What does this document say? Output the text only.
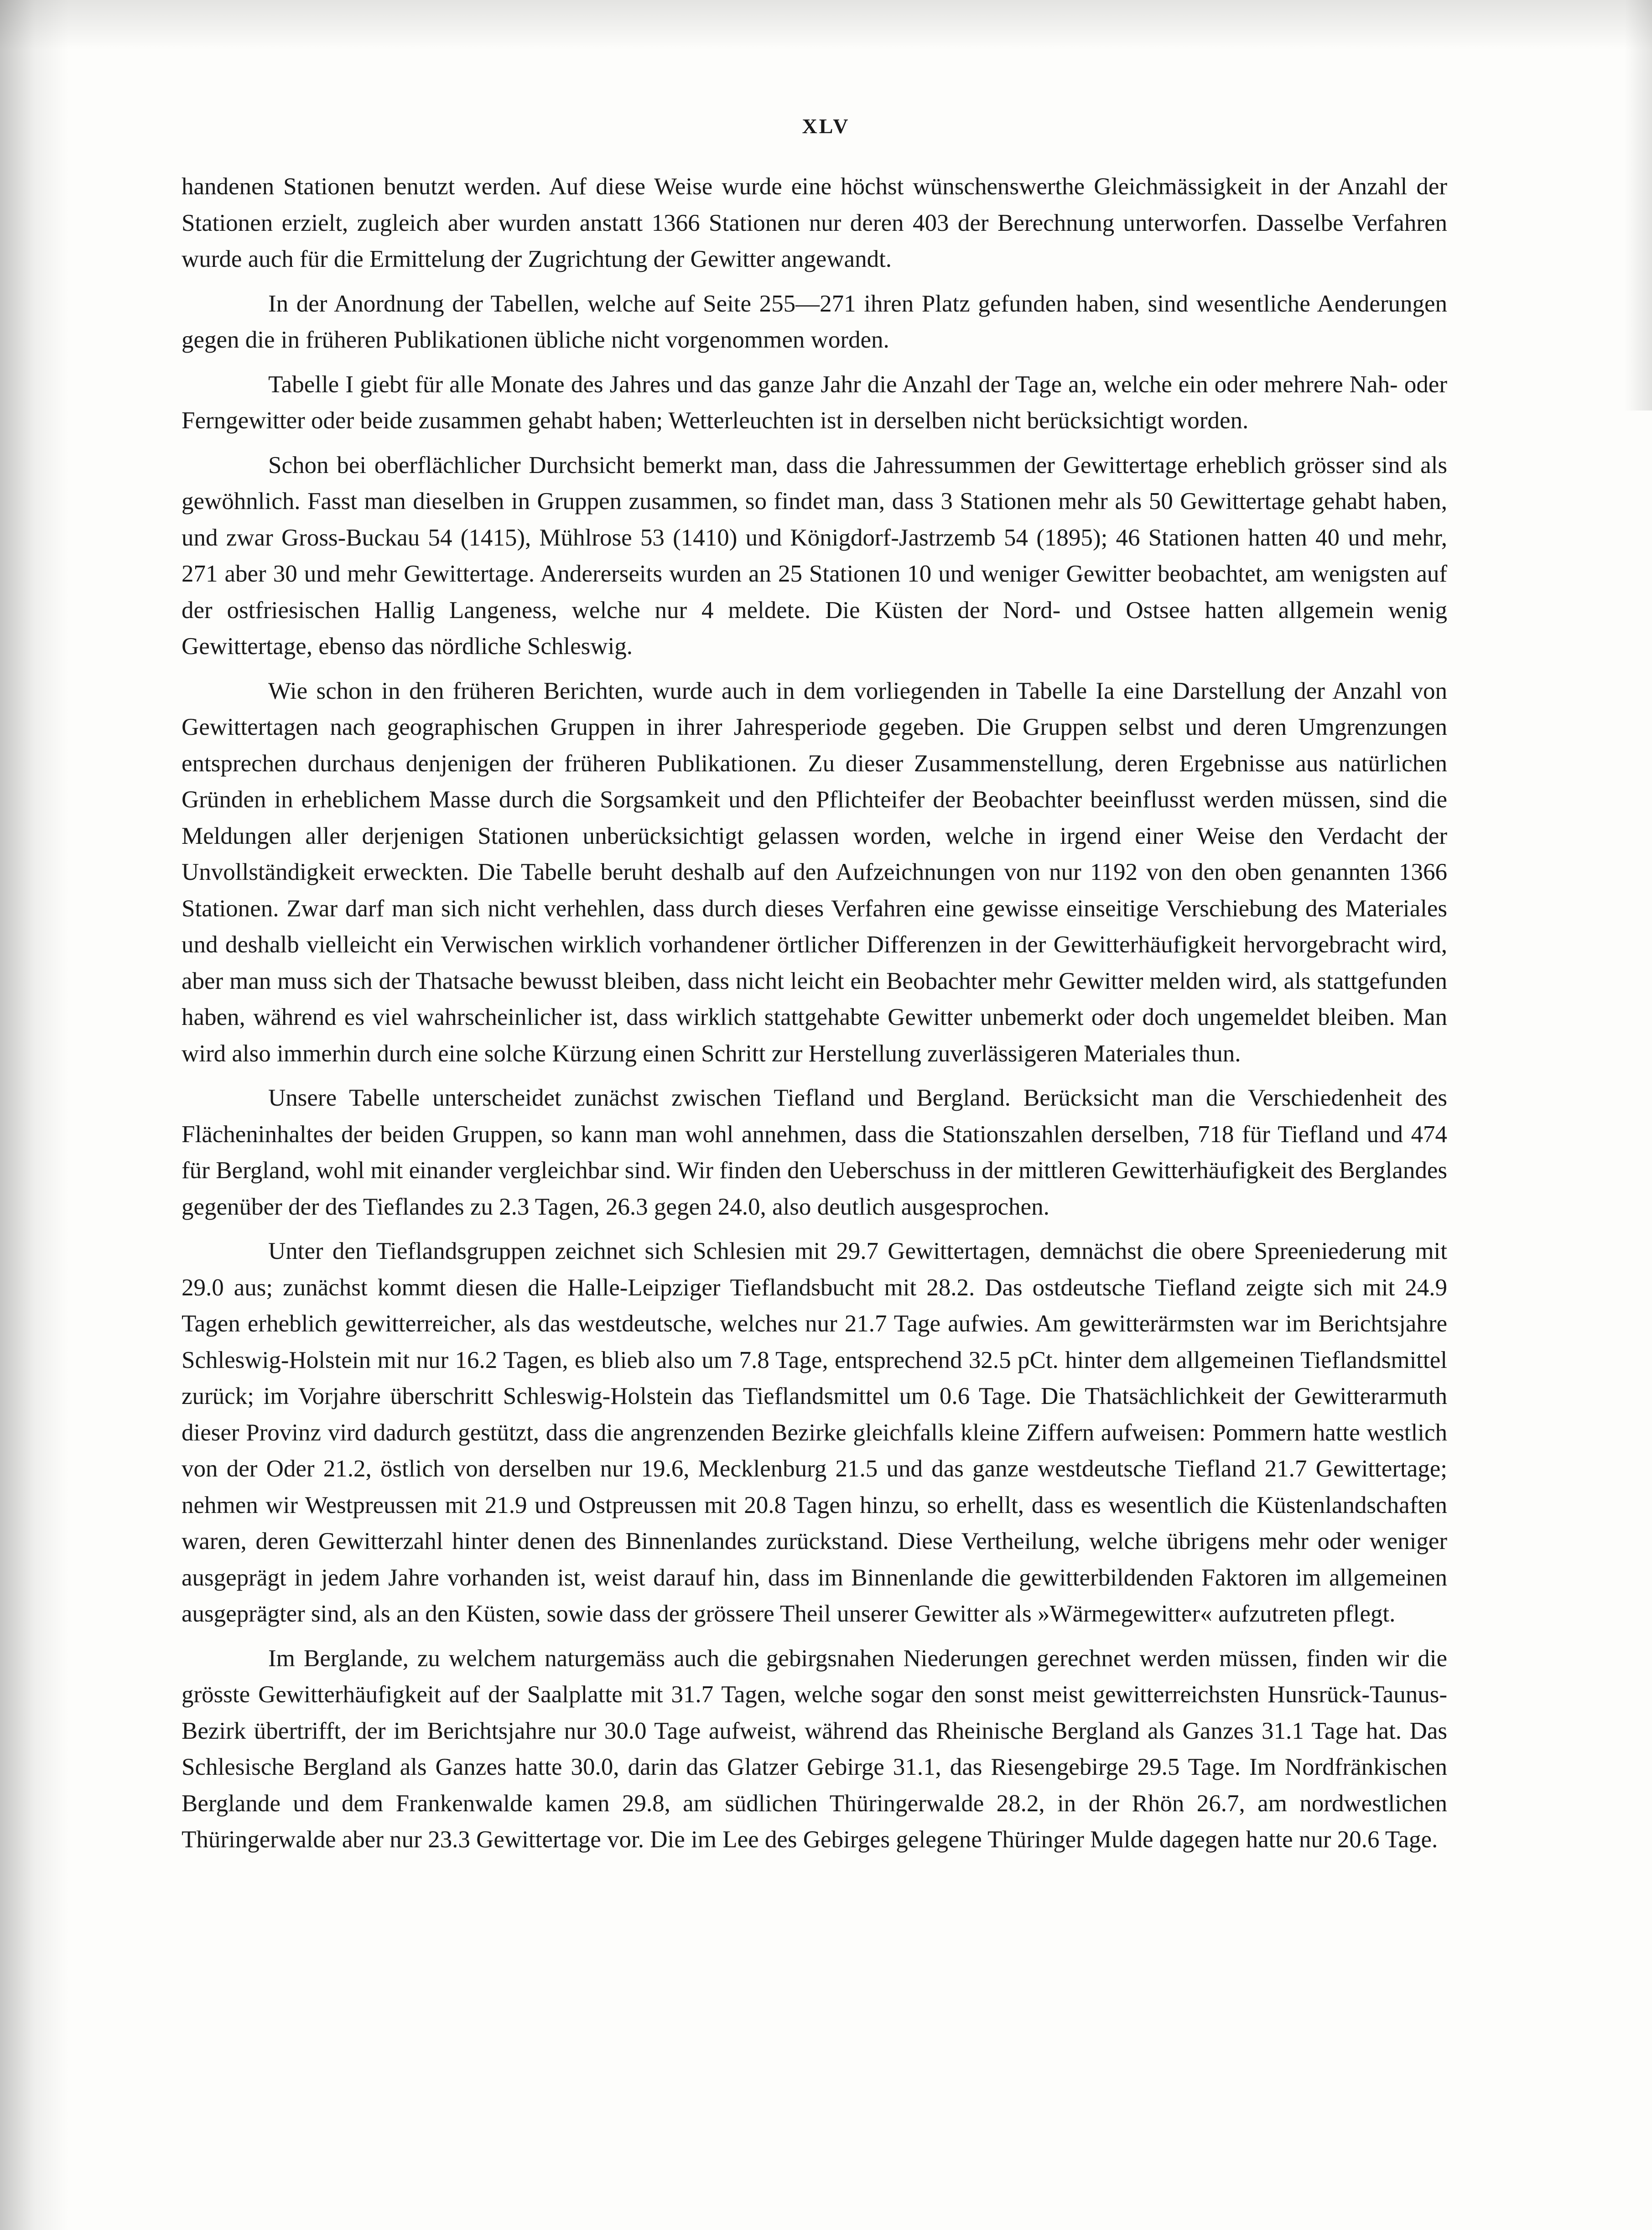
XLV

handenen Stationen benutzt werden. Auf diese Weise wurde eine höchst wünschenswerthe Gleichmässigkeit in der Anzahl der Stationen erzielt, zugleich aber wurden anstatt 1366 Stationen nur deren 403 der Berechnung unterworfen. Dasselbe Verfahren wurde auch für die Ermittelung der Zugrichtung der Gewitter angewandt.

In der Anordnung der Tabellen, welche auf Seite 255—271 ihren Platz gefunden haben, sind wesentliche Aenderungen gegen die in früheren Publikationen übliche nicht vorgenommen worden.

Tabelle I giebt für alle Monate des Jahres und das ganze Jahr die Anzahl der Tage an, welche ein oder mehrere Nah- oder Ferngewitter oder beide zusammen gehabt haben; Wetterleuchten ist in derselben nicht berücksichtigt worden.

Schon bei oberflächlicher Durchsicht bemerkt man, dass die Jahressummen der Gewittertage erheblich grösser sind als gewöhnlich. Fasst man dieselben in Gruppen zusammen, so findet man, dass 3 Stationen mehr als 50 Gewittertage gehabt haben, und zwar Gross-Buckau 54 (1415), Mühlrose 53 (1410) und Königdorf-Jastrzemb 54 (1895); 46 Stationen hatten 40 und mehr, 271 aber 30 und mehr Gewittertage. Andererseits wurden an 25 Stationen 10 und weniger Gewitter beobachtet, am wenigsten auf der ostfriesischen Hallig Langeness, welche nur 4 meldete. Die Küsten der Nord- und Ostsee hatten allgemein wenig Gewittertage, ebenso das nördliche Schleswig.

Wie schon in den früheren Berichten, wurde auch in dem vorliegenden in Tabelle Ia eine Darstellung der Anzahl von Gewittertagen nach geographischen Gruppen in ihrer Jahresperiode gegeben. Die Gruppen selbst und deren Umgrenzungen entsprechen durchaus denjenigen der früheren Publikationen. Zu dieser Zusammenstellung, deren Ergebnisse aus natürlichen Gründen in erheblichem Masse durch die Sorgsamkeit und den Pflichteifer der Beobachter beeinflusst werden müssen, sind die Meldungen aller derjenigen Stationen unberücksichtigt gelassen worden, welche in irgend einer Weise den Verdacht der Unvollständigkeit erweckten. Die Tabelle beruht deshalb auf den Aufzeichnungen von nur 1192 von den oben genannten 1366 Stationen. Zwar darf man sich nicht verhehlen, dass durch dieses Verfahren eine gewisse einseitige Verschiebung des Materiales und deshalb vielleicht ein Verwischen wirklich vorhandener örtlicher Differenzen in der Gewitterhäufigkeit hervorgebracht wird, aber man muss sich der Thatsache bewusst bleiben, dass nicht leicht ein Beobachter mehr Gewitter melden wird, als stattgefunden haben, während es viel wahrscheinlicher ist, dass wirklich stattgehabte Gewitter unbemerkt oder doch ungemeldet bleiben. Man wird also immerhin durch eine solche Kürzung einen Schritt zur Herstellung zuverlässigeren Materiales thun.

Unsere Tabelle unterscheidet zunächst zwischen Tiefland und Bergland. Berücksicht man die Verschiedenheit des Flächeninhaltes der beiden Gruppen, so kann man wohl annehmen, dass die Stationszahlen derselben, 718 für Tiefland und 474 für Bergland, wohl mit einander vergleichbar sind. Wir finden den Ueberschuss in der mittleren Gewitterhäufigkeit des Berglandes gegenüber der des Tieflandes zu 2.3 Tagen, 26.3 gegen 24.0, also deutlich ausgesprochen.

Unter den Tieflandsgruppen zeichnet sich Schlesien mit 29.7 Gewittertagen, demnächst die obere Spreeniederung mit 29.0 aus; zunächst kommt diesen die Halle-Leipziger Tieflandsbucht mit 28.2. Das ostdeutsche Tiefland zeigte sich mit 24.9 Tagen erheblich gewitterreicher, als das westdeutsche, welches nur 21.7 Tage aufwies. Am gewitterärmsten war im Berichtsjahre Schleswig-Holstein mit nur 16.2 Tagen, es blieb also um 7.8 Tage, entsprechend 32.5 pCt. hinter dem allgemeinen Tieflandsmittel zurück; im Vorjahre überschritt Schleswig-Holstein das Tieflandsmittel um 0.6 Tage. Die Thatsächlichkeit der Gewitterarmuth dieser Provinz vird dadurch gestützt, dass die angrenzenden Bezirke gleichfalls kleine Ziffern aufweisen: Pommern hatte westlich von der Oder 21.2, östlich von derselben nur 19.6, Mecklenburg 21.5 und das ganze westdeutsche Tiefland 21.7 Gewittertage; nehmen wir Westpreussen mit 21.9 und Ostpreussen mit 20.8 Tagen hinzu, so erhellt, dass es wesentlich die Küstenlandschaften waren, deren Gewitterzahl hinter denen des Binnenlandes zurückstand. Diese Vertheilung, welche übrigens mehr oder weniger ausgeprägt in jedem Jahre vorhanden ist, weist darauf hin, dass im Binnenlande die gewitterbildenden Faktoren im allgemeinen ausgeprägter sind, als an den Küsten, sowie dass der grössere Theil unserer Gewitter als »Wärmegewitter« aufzutreten pflegt.

Im Berglande, zu welchem naturgemäss auch die gebirgsnahen Niederungen gerechnet werden müssen, finden wir die grösste Gewitterhäufigkeit auf der Saalplatte mit 31.7 Tagen, welche sogar den sonst meist gewitterreichsten Hunsrück-Taunus-Bezirk übertrifft, der im Berichtsjahre nur 30.0 Tage aufweist, während das Rheinische Bergland als Ganzes 31.1 Tage hat. Das Schlesische Bergland als Ganzes hatte 30.0, darin das Glatzer Gebirge 31.1, das Riesengebirge 29.5 Tage. Im Nordfränkischen Berglande und dem Frankenwalde kamen 29.8, am südlichen Thüringerwalde 28.2, in der Rhön 26.7, am nordwestlichen Thüringerwalde aber nur 23.3 Gewittertage vor. Die im Lee des Gebirges gelegene Thüringer Mulde dagegen hatte nur 20.6 Tage.
